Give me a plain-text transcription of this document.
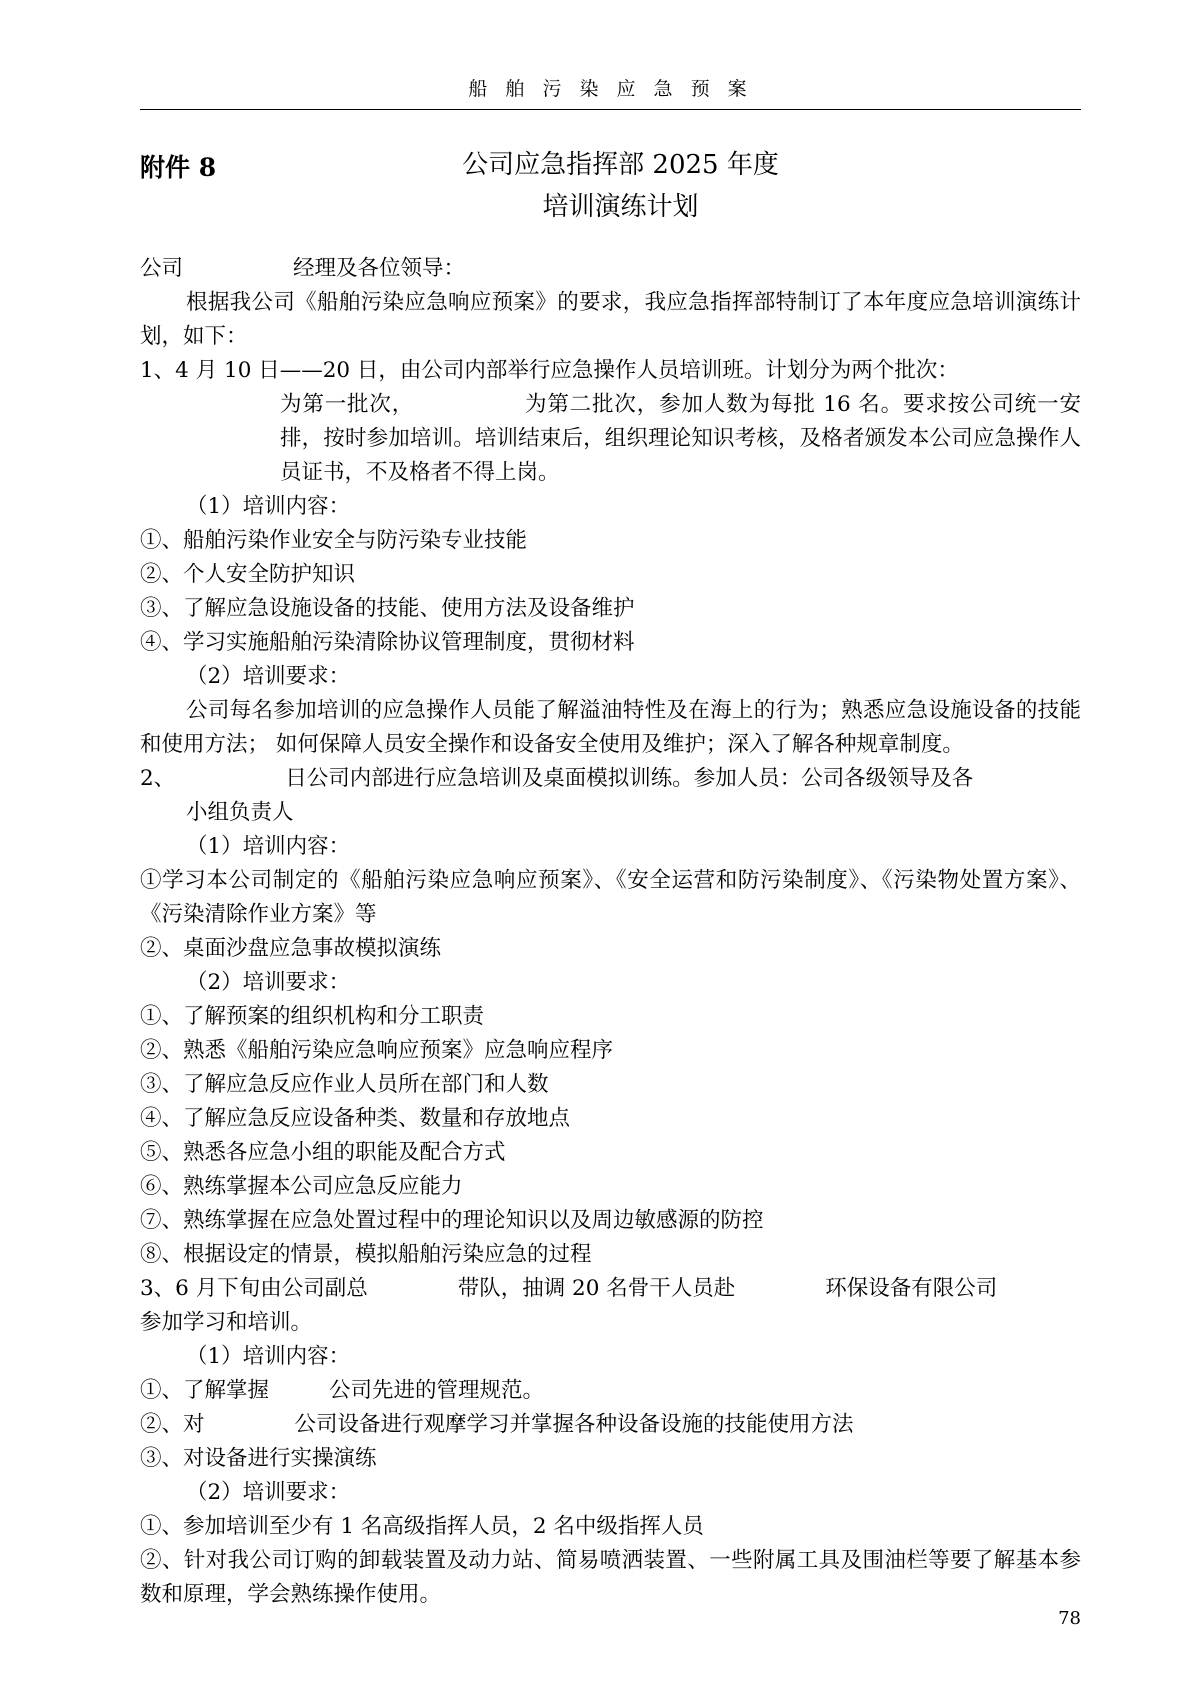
船 舶 污 染 应 急 预 案
附件 8	公司应急指挥部 2025 年度
培训演练计划

公司	经理及各位领导：

根据我公司《船舶污染应急响应预案》的要求，我应急指挥部特制订了本年度应急培训演练计划，如下：

1、4 月 10 日——20 日，由公司内部举行应急操作人员培训班。计划分为两个批次：

为第一批次，	为第二批次，参加人数为每批 16 名。要求按公司统一安排，按时参加培训。培训结束后，组织理论知识考核，及格者颁发本公司应急操作人员证书，不及格者不得上岗。

（1）培训内容：

①、船舶污染作业安全与防污染专业技能

②、个人安全防护知识

③、了解应急设施设备的技能、使用方法及设备维护

④、学习实施船舶污染清除协议管理制度，贯彻材料

（2）培训要求：

公司每名参加培训的应急操作人员能了解溢油特性及在海上的行为；熟悉应急设施设备的技能和使用方法； 如何保障人员安全操作和设备安全使用及维护；深入了解各种规章制度。

2、	日公司内部进行应急培训及桌面模拟训练。参加人员：公司各级领导及各

小组负责人

（1）培训内容：

①学习本公司制定的《船舶污染应急响应预案》、《安全运营和防污染制度》、《污染物处置方案》、《污染清除作业方案》等

②、桌面沙盘应急事故模拟演练

（2）培训要求：

①、了解预案的组织机构和分工职责

②、熟悉《船舶污染应急响应预案》应急响应程序

③、了解应急反应作业人员所在部门和人数

④、了解应急反应设备种类、数量和存放地点

⑤、熟悉各应急小组的职能及配合方式

⑥、熟练掌握本公司应急反应能力

⑦、熟练掌握在应急处置过程中的理论知识以及周边敏感源的防控

⑧、根据设定的情景，模拟船舶污染应急的过程

3、6 月下旬由公司副总	带队，抽调 20 名骨干人员赴	环保设备有限公司

参加学习和培训。

（1）培训内容：

①、了解掌握	公司先进的管理规范。

②、对	公司设备进行观摩学习并掌握各种设备设施的技能使用方法

③、对设备进行实操演练

（2）培训要求：

①、参加培训至少有 1 名高级指挥人员，2 名中级指挥人员

②、针对我公司订购的卸载装置及动力站、简易喷洒装置、一些附属工具及围油栏等要了解基本参数和原理，学会熟练操作使用。

78
